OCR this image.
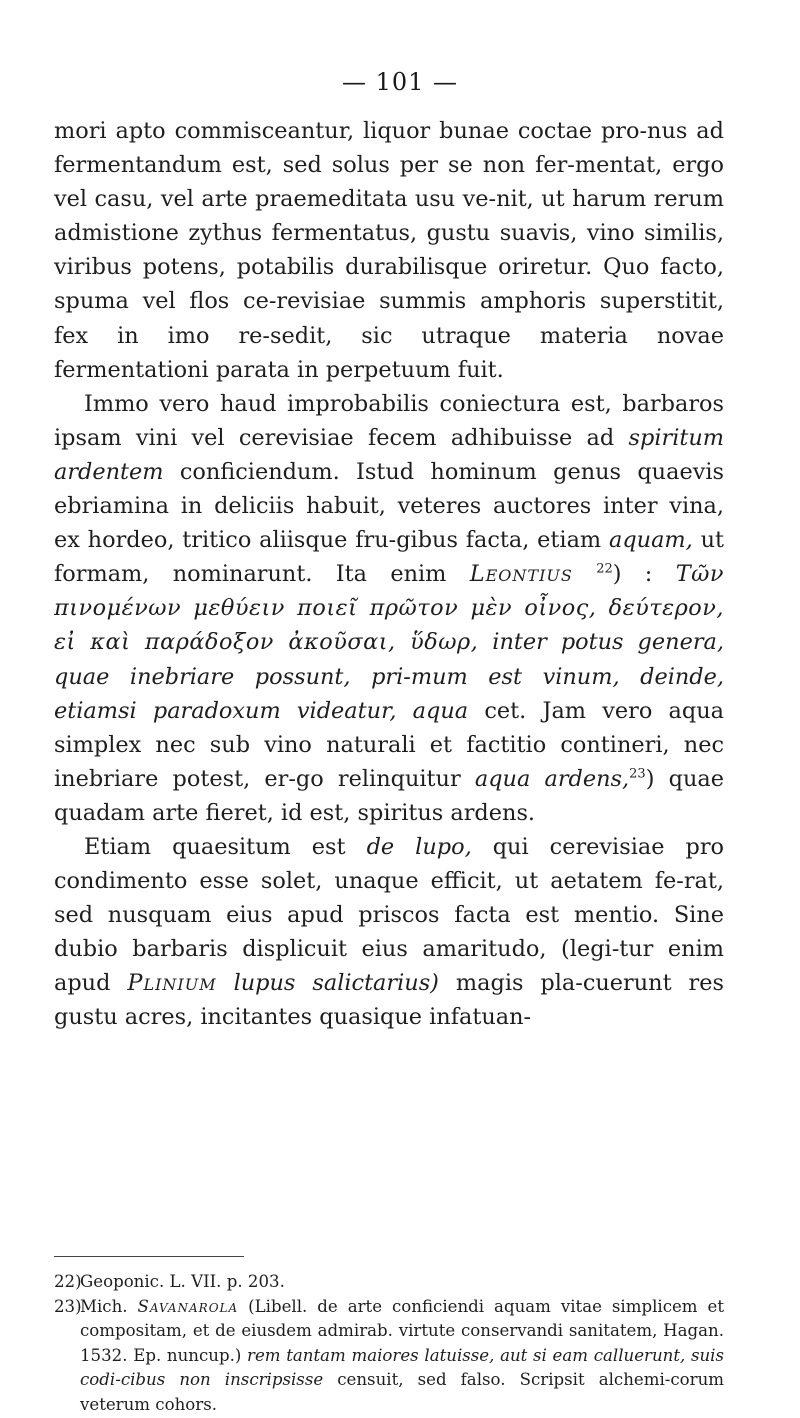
— 101 —

mori apto commisceantur, liquor bunae coctae pro-nus ad fermentandum est, sed solus per se non fer-mentat, ergo vel casu, vel arte praemeditata usu ve-nit, ut harum rerum admistione zythus fermentatus, gustu suavis, vino similis, viribus potens, potabilis durabilisque oriretur. Quo facto, spuma vel flos ce-revisiae summis amphoris superstitit, fex in imo re-sedit, sic utraque materia novae fermentationi parata in perpetuum fuit.

Immo vero haud improbabilis coniectura est, barbaros ipsam vini vel cerevisiae fecem adhibuisse ad spiritum ardentem conficiendum. Istud hominum genus quaevis ebriamina in deliciis habuit, veteres auctores inter vina, ex hordeo, tritico aliisque fru-gibus facta, etiam aquam, ut formam, nominarunt. Ita enim Leontius $^{22}$) : Τῶν πινομένων μεθύειν ποιεῖ πρῶτον μὲν οἶνος, δεύτερον, εἰ καὶ παράδοξον ἀκοῦσαι, ὕδωρ, inter potus genera, quae inebriare possunt, pri-mum est vinum, deinde, etiamsi paradoxum videatur, aqua cet. Jam vero aqua simplex nec sub vino naturali et factitio contineri, nec inebriare potest, er-go relinquitur aqua ardens,$^{23}$) quae quadam arte fieret, id est, spiritus ardens.

Etiam quaesitum est de lupo, qui cerevisiae pro condimento esse solet, unaque efficit, ut aetatem fe-rat, sed nusquam eius apud priscos facta est mentio. Sine dubio barbaris displicuit eius amaritudo, (legi-tur enim apud Plinium lupus salictarius) magis pla-cuerunt res gustu acres, incitantes quasique infatuan-

22)Geoponic. L. VII. p. 203.

23)Mich. Savanarola (Libell. de arte conficiendi aquam vitae simplicem et compositam, et de eiusdem admirab. virtute conservandi sanitatem, Hagan. 1532. Ep. nuncup.) rem tantam maiores latuisse, aut si eam calluerunt, suis codi-cibus non inscripsisse censuit, sed falso. Scripsit alchemi-corum veterum cohors.
